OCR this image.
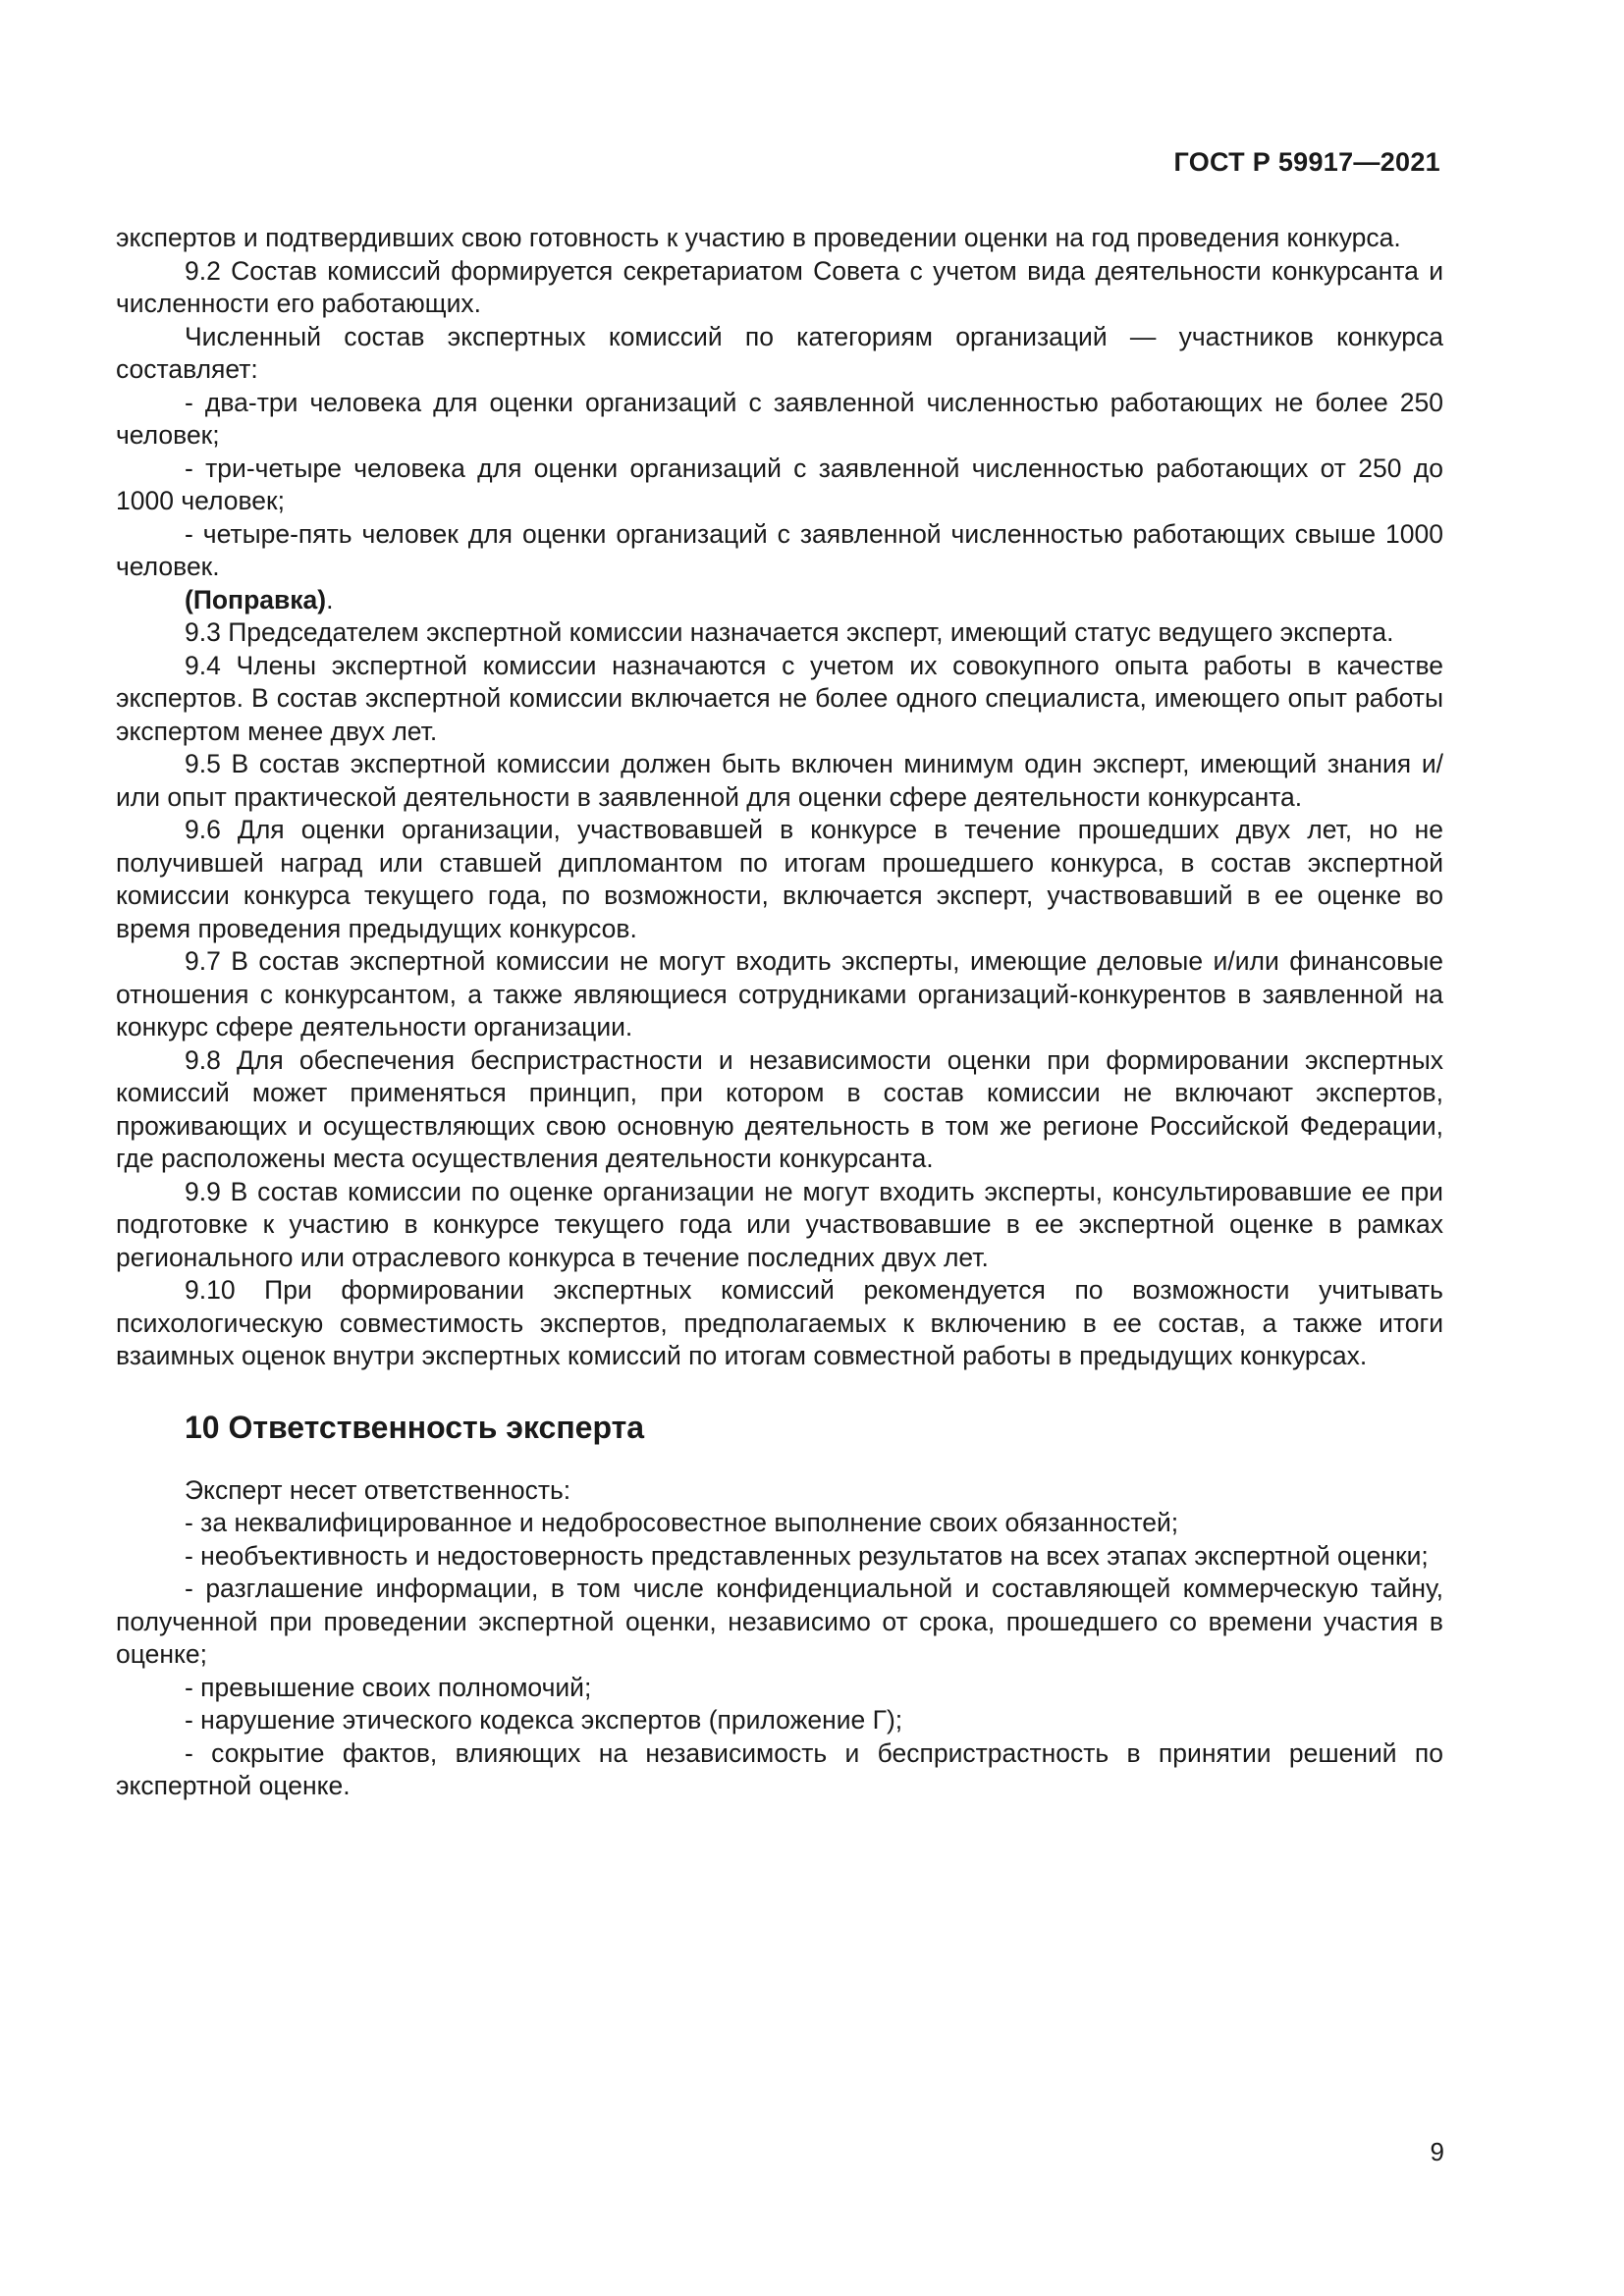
ГОСТ Р 59917—2021

экспертов и подтвердивших свою готовность к участию в проведении оценки на год проведения конкурса.

9.2 Состав комиссий формируется секретариатом Совета с учетом вида деятельности конкурсанта и численности его работающих.

Численный состав экспертных комиссий по категориям организаций — участников конкурса составляет:

- два-три человека для оценки организаций с заявленной численностью работающих не более 250 человек;

- три-четыре человека для оценки организаций с заявленной численностью работающих от 250 до 1000 человек;

- четыре-пять человек для оценки организаций с заявленной численностью работающих свыше 1000 человек.

(Поправка).

9.3 Председателем экспертной комиссии назначается эксперт, имеющий статус ведущего эксперта.

9.4 Члены экспертной комиссии назначаются с учетом их совокупного опыта работы в качестве экспертов. В состав экспертной комиссии включается не более одного специалиста, имеющего опыт работы экспертом менее двух лет.

9.5 В состав экспертной комиссии должен быть включен минимум один эксперт, имеющий знания и/или опыт практической деятельности в заявленной для оценки сфере деятельности конкурсанта.

9.6 Для оценки организации, участвовавшей в конкурсе в течение прошедших двух лет, но не получившей наград или ставшей дипломантом по итогам прошедшего конкурса, в состав экспертной комиссии конкурса текущего года, по возможности, включается эксперт, участвовавший в ее оценке во время проведения предыдущих конкурсов.

9.7 В состав экспертной комиссии не могут входить эксперты, имеющие деловые и/или финансовые отношения с конкурсантом, а также являющиеся сотрудниками организаций-конкурентов в заявленной на конкурс сфере деятельности организации.

9.8 Для обеспечения беспристрастности и независимости оценки при формировании экспертных комиссий может применяться принцип, при котором в состав комиссии не включают экспертов, проживающих и осуществляющих свою основную деятельность в том же регионе Российской Федерации, где расположены места осуществления деятельности конкурсанта.

9.9 В состав комиссии по оценке организации не могут входить эксперты, консультировавшие ее при подготовке к участию в конкурсе текущего года или участвовавшие в ее экспертной оценке в рамках регионального или отраслевого конкурса в течение последних двух лет.

9.10 При формировании экспертных комиссий рекомендуется по возможности учитывать психологическую совместимость экспертов, предполагаемых к включению в ее состав, а также итоги взаимных оценок внутри экспертных комиссий по итогам совместной работы в предыдущих конкурсах.

10 Ответственность эксперта

Эксперт несет ответственность:

- за неквалифицированное и недобросовестное выполнение своих обязанностей;

- необъективность и недостоверность представленных результатов на всех этапах экспертной оценки;

- разглашение информации, в том числе конфиденциальной и составляющей коммерческую тайну, полученной при проведении экспертной оценки, независимо от срока, прошедшего со времени участия в оценке;

- превышение своих полномочий;

- нарушение этического кодекса экспертов (приложение Г);

- сокрытие фактов, влияющих на независимость и беспристрастность в принятии решений по экспертной оценке.

9
